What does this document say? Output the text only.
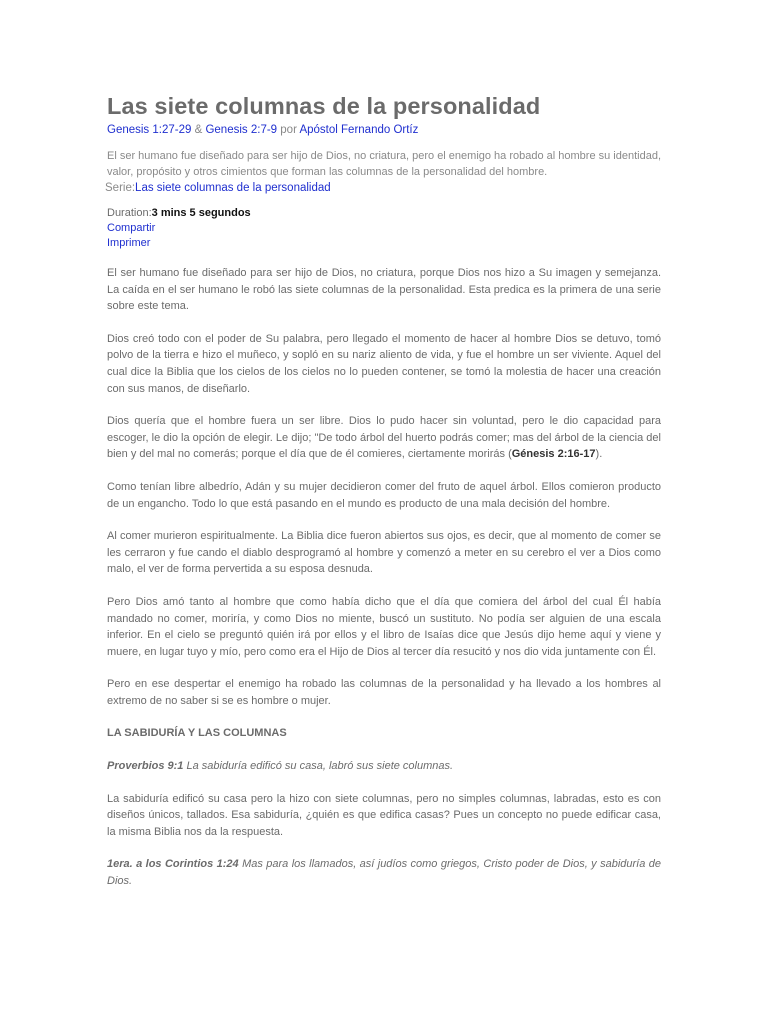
Las siete columnas de la personalidad
Genesis 1:27-29 & Genesis 2:7-9 por Apóstol Fernando Ortíz
El ser humano fue diseñado para ser hijo de Dios, no criatura, pero el enemigo ha robado al hombre su identidad, valor, propósito y otros cimientos que forman las columnas de la personalidad del hombre.
Serie:Las siete columnas de la personalidad
Duration:3 mins 5 segundos
Compartir
Imprimer

El ser humano fue diseñado para ser hijo de Dios, no criatura, porque Dios nos hizo a Su imagen y semejanza. La caída en el ser humano le robó las siete columnas de la personalidad. Esta predica es la primera de una serie sobre este tema.

Dios creó todo con el poder de Su palabra, pero llegado el momento de hacer al hombre Dios se detuvo, tomó polvo de la tierra e hizo el muñeco, y sopló en su nariz aliento de vida, y fue el hombre un ser viviente. Aquel del cual dice la Biblia que los cielos de los cielos no lo pueden contener, se tomó la molestia de hacer una creación con sus manos, de diseñarlo.

Dios quería que el hombre fuera un ser libre. Dios lo pudo hacer sin voluntad, pero le dio capacidad para escoger, le dio la opción de elegir. Le dijo; "De todo árbol del huerto podrás comer; mas del árbol de la ciencia del bien y del mal no comerás; porque el día que de él comieres, ciertamente morirás (Génesis 2:16-17).

Como tenían libre albedrío, Adán y su mujer decidieron comer del fruto de aquel árbol. Ellos comieron producto de un engancho. Todo lo que está pasando en el mundo es producto de una mala decisión del hombre.

Al comer murieron espiritualmente. La Biblia dice fueron abiertos sus ojos, es decir, que al momento de comer se les cerraron y fue cando el diablo desprogramó al hombre y comenzó a meter en su cerebro el ver a Dios como malo, el ver de forma pervertida a su esposa desnuda.

Pero Dios amó tanto al hombre que como había dicho que el día que comiera del árbol del cual Él había mandado no comer, moriría, y como Dios no miente, buscó un sustituto. No podía ser alguien de una escala inferior. En el cielo se preguntó quién irá por ellos y el libro de Isaías dice que Jesús dijo heme aquí y viene y muere, en lugar tuyo y mío, pero como era el Hijo de Dios al tercer día resucitó y nos dio vida juntamente con Él.

Pero en ese despertar el enemigo ha robado las columnas de la personalidad y ha llevado a los hombres al extremo de no saber si se es hombre o mujer.

LA SABIDURÍA Y LAS COLUMNAS

Proverbios 9:1 La sabiduría edificó su casa, labró sus siete columnas.

La sabiduría edificó su casa pero la hizo con siete columnas, pero no simples columnas, labradas, esto es con diseños únicos, tallados. Esa sabiduría, ¿quién es que edifica casas? Pues un concepto no puede edificar casa, la misma Biblia nos da la respuesta.

1era. a los Corintios 1:24 Mas para los llamados, así judíos como griegos, Cristo poder de Dios, y sabiduría de Dios.
